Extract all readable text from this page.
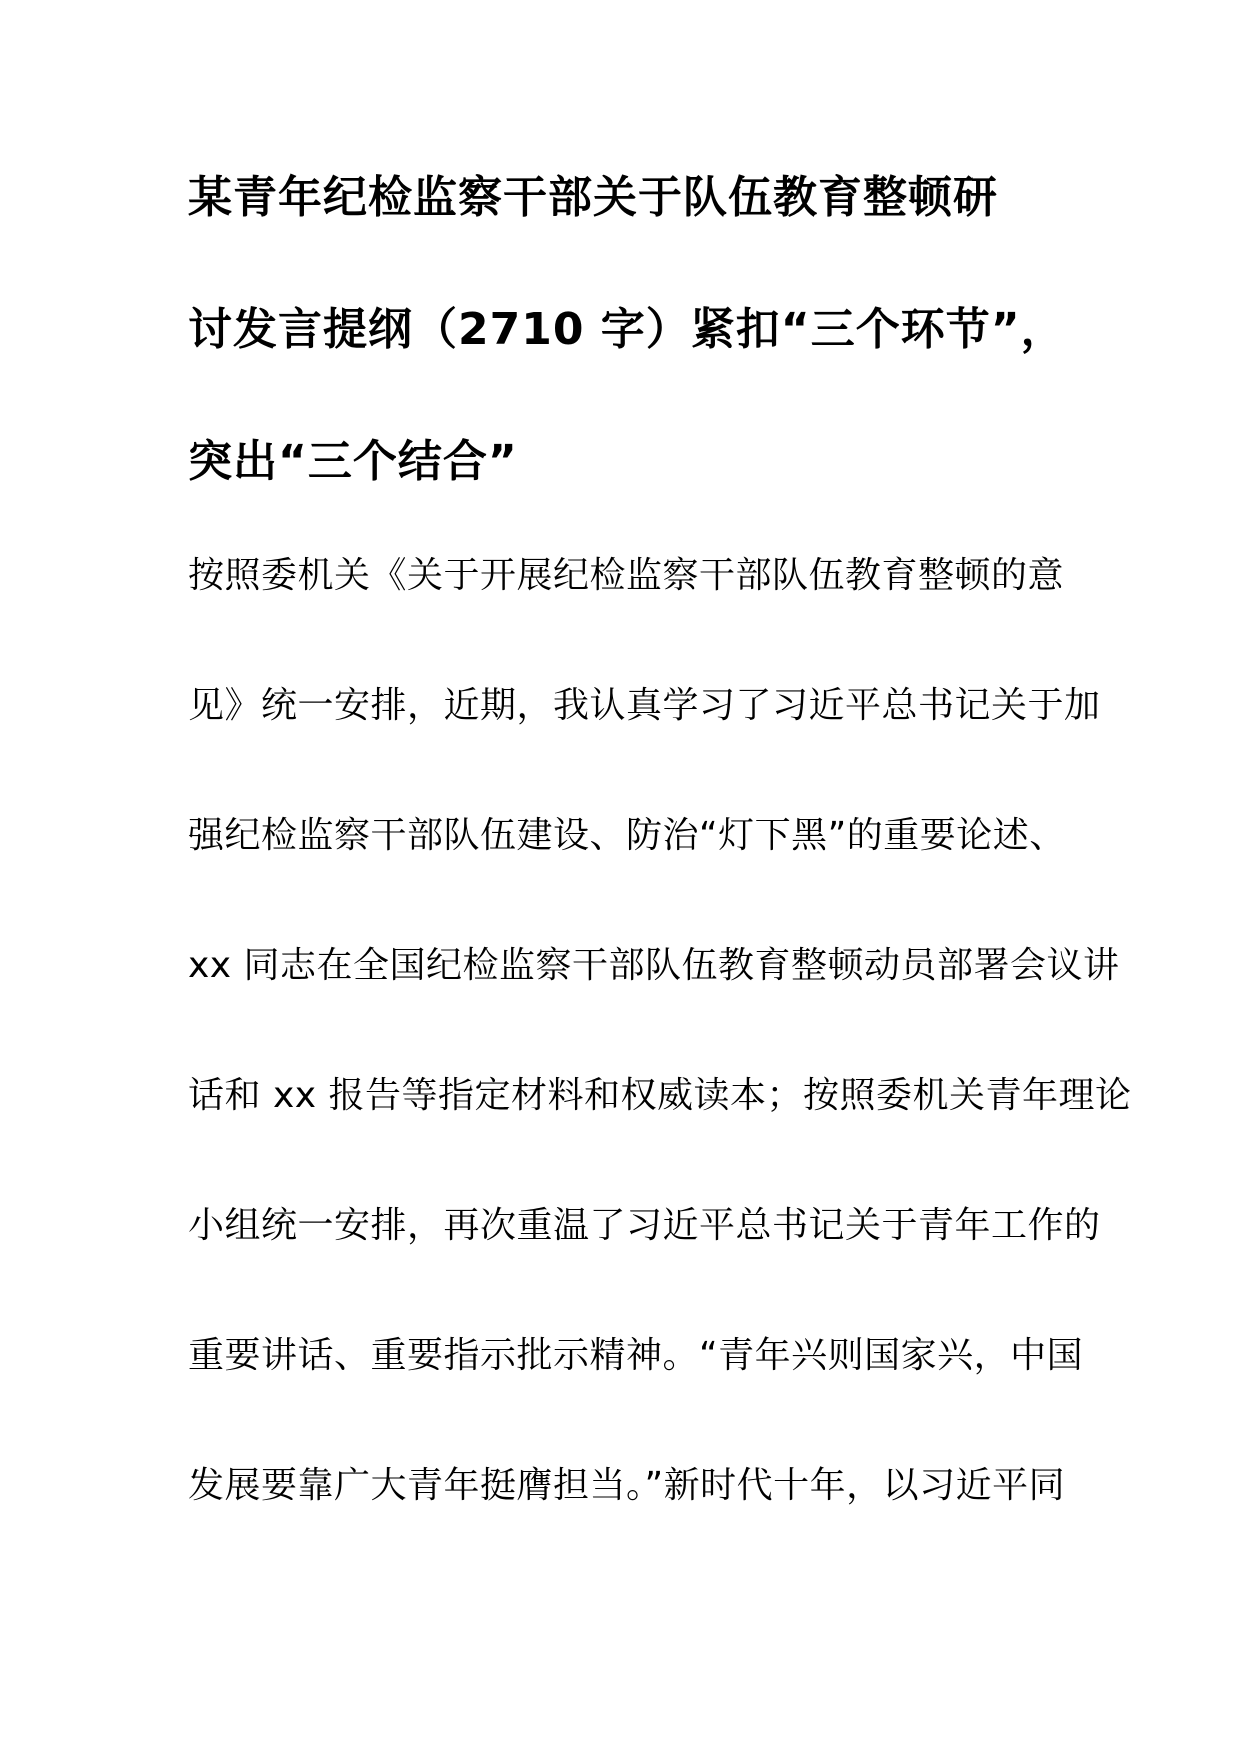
某青年纪检监察干部关于队伍教育整顿研
讨发言提纲（2710 字）紧扣“三个环节”，
突出“三个结合”
按照委机关《关于开展纪检监察干部队伍教育整顿的意
见》统一安排，近期，我认真学习了习近平总书记关于加
强纪检监察干部队伍建设、防治“灯下黑”的重要论述、
xx 同志在全国纪检监察干部队伍教育整顿动员部署会议讲
话和 xx 报告等指定材料和权威读本；按照委机关青年理论
小组统一安排，再次重温了习近平总书记关于青年工作的
重要讲话、重要指示批示精神。“青年兴则国家兴，中国
发展要靠广大青年挺膺担当。”新时代十年，以习近平同
